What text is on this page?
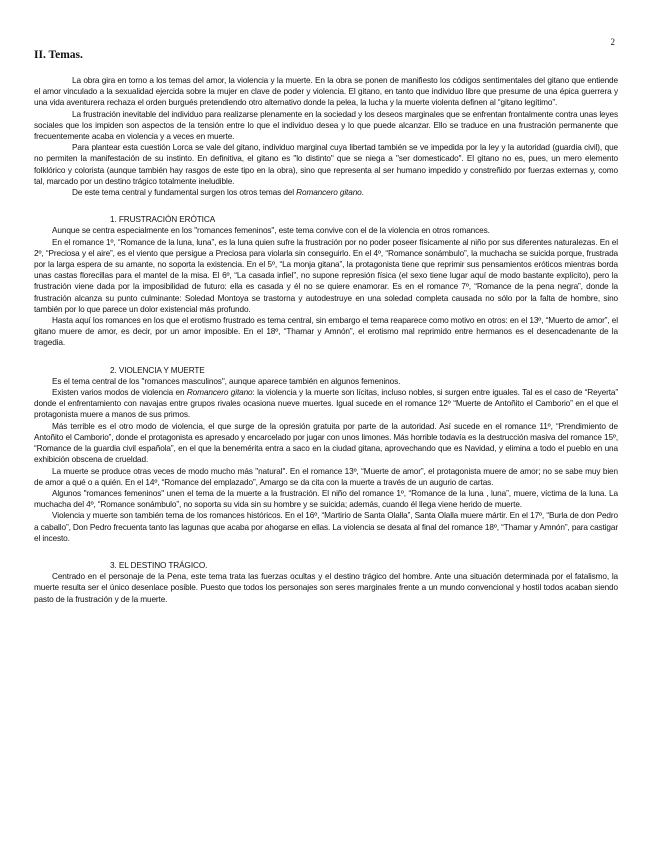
2
II. Temas.

La obra gira en torno a los temas del amor, la violencia y la muerte. En la obra se ponen de manifiesto los códigos sentimentales del gitano que entiende el amor vinculado a la sexualidad ejercida sobre la mujer en clave de poder y violencia. El gitano, en tanto que individuo libre que presume de una épica guerrera y una vida aventurera rechaza el orden burgués pretendiendo otro alternativo donde la pelea, la lucha y la muerte violenta definen al “gitano legítimo”.

La frustración inevitable del individuo para realizarse plenamente en la sociedad y los deseos marginales que se enfrentan frontalmente contra unas leyes sociales que los impiden son aspectos de la tensión entre lo que el individuo desea y lo que puede alcanzar. Ello se traduce en una frustración permanente que frecuentemente acaba en violencia y a veces en muerte.

Para plantear esta cuestión Lorca se vale del gitano, individuo marginal cuya libertad también se ve impedida por la ley y la autoridad (guardia civil), que no permiten la manifestación de su instinto. En definitiva, el gitano es "lo distinto" que se niega a "ser domesticado". El gitano no es, pues, un mero elemento folklórico y colorista (aunque también hay rasgos de este tipo en la obra), sino que representa al ser humano impedido y constreñido por fuerzas externas y, como tal, marcado por un destino trágico totalmente ineludible.

De este tema central y fundamental surgen los otros temas del Romancero gitano.

1. FRUSTRACIÓN ERÓTICA

Aunque se centra especialmente en los "romances femeninos", este tema convive con el de la violencia en otros romances.

En el romance 1º, “Romance de la luna, luna”, es la luna quien sufre la frustración por no poder poseer físicamente al niño por sus diferentes naturalezas. En el 2º, “Preciosa y el aire”, es el viento que persigue a Preciosa para violarla sin conseguirlo. En el 4º, “Romance sonámbulo”, la muchacha se suicida porque, frustrada por la larga espera de su amante, no soporta la existencia. En el 5º, “La monja gitana”, la protagonista tiene que reprimir sus pensamientos eróticos mientras borda unas castas florecillas para el mantel de la misa. El 6º, “La casada infiel”, no supone represión física (el sexo tiene lugar aquí de modo bastante explícito), pero la frustración viene dada por la imposibilidad de futuro: ella es casada y él no se quiere enamorar. Es en el romance 7º, “Romance de la pena negra”, donde la frustración alcanza su punto culminante: Soledad Montoya se trastorna y autodestruye en una soledad completa causada no sólo por la falta de hombre, sino también por lo que parece un dolor existencial más profundo.

Hasta aquí los romances en los que el erotismo frustrado es tema central, sin embargo el tema reaparece como motivo en otros: en el 13º, “Muerto de amor”, el gitano muere de amor, es decir, por un amor imposible. En el 18º, “Thamar y Amnón”, el erotismo mal reprimido entre hermanos es el desencadenante de la tragedia.

2. VIOLENCIA Y MUERTE

Es el tema central de los "romances masculinos", aunque aparece también en algunos femeninos.

Existen varios modos de violencia en Romancero gitano: la violencia y la muerte son lícitas, incluso nobles, si surgen entre iguales. Tal es el caso de “Reyerta” donde el enfrentamiento con navajas entre grupos rivales ocasiona nueve muertes. Igual sucede en el romance 12º “Muerte de Antoñito el Camborio” en el que el protagonista muere a manos de sus primos.

Más terrible es el otro modo de violencia, el que surge de la opresión gratuita por parte de la autoridad. Así sucede en el romance 11º, “Prendimiento de Antoñito el Camborio”, donde el protagonista es apresado y encarcelado por jugar con unos limones. Más horrible todavía es la destrucción masiva del romance 15º, “Romance de la guardia civil española”, en el que la benemérita entra a saco en la ciudad gitana, aprovechando que es Navidad, y elimina a todo el pueblo en una exhibición obscena de crueldad.

La muerte se produce otras veces de modo mucho más "natural". En el romance 13º, “Muerte de amor”, el protagonista muere de amor; no se sabe muy bien de amor a qué o a quién. En el 14º, “Romance del emplazado”, Amargo se da cita con la muerte a través de un augurio de cartas.

Algunos "romances femeninos" unen el tema de la muerte a la frustración. El niño del romance 1º, “Romance de la luna , luna”, muere, víctima de la luna. La muchacha del 4º, “Romance sonámbulo”, no soporta su vida sin su hombre y se suicida; además, cuando él llega viene herido de muerte.

Violencia y muerte son también tema de los romances históricos. En el 16º, “Martirio de Santa Olalla”, Santa Olalla muere mártir. En el 17º, “Burla de don Pedro a caballo”, Don Pedro frecuenta tanto las lagunas que acaba por ahogarse en ellas. La violencia se desata al final del romance 18º, “Thamar y Amnón”, para castigar el incesto.

3. EL DESTINO TRÁGICO.

Centrado en el personaje de la Pena, este tema trata las fuerzas ocultas y el destino trágico del hombre. Ante una situación determinada por el fatalismo, la muerte resulta ser el único desenlace posible. Puesto que todos los personajes son seres marginales frente a un mundo convencional y hostil todos acaban siendo pasto de la frustración y de la muerte.
